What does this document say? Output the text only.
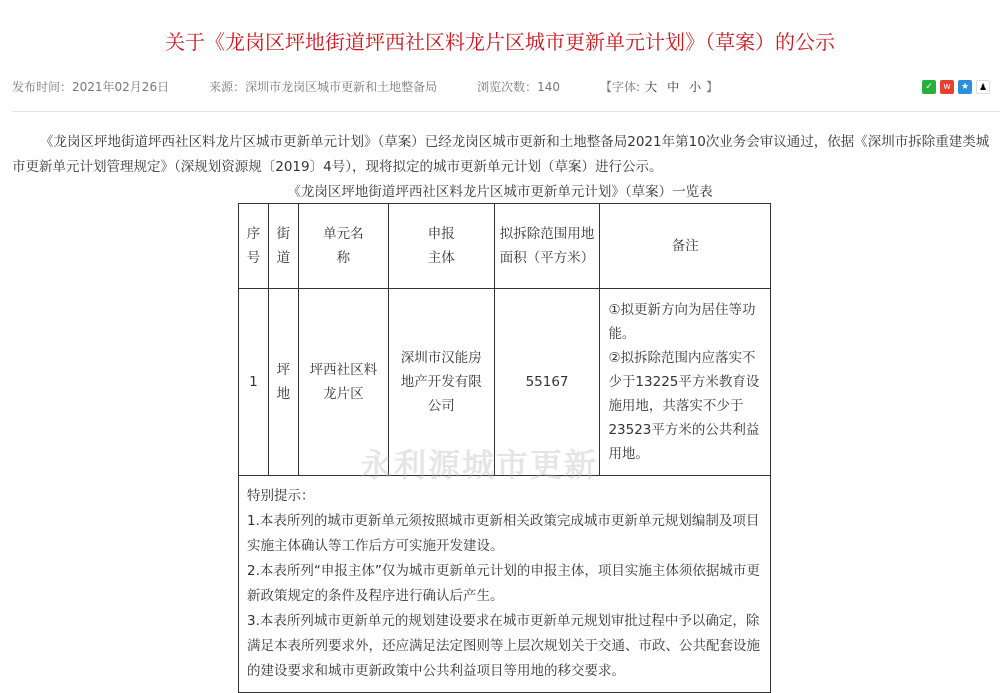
关于《龙岗区坪地街道坪西社区料龙片区城市更新单元计划》（草案）的公示
发布时间：2021年02月26日	来源：深圳市龙岗区城市更新和土地整备局	浏览次数：140	【字体: 大 中 小 】	✓	w	★	♟

《龙岗区坪地街道坪西社区料龙片区城市更新单元计划》（草案）已经龙岗区城市更新和土地整备局2021年第10次业务会审议通过，依据《深圳市拆除重建类城市更新单元计划管理规定》（深规划资源规〔2019〕4号），现将拟定的城市更新单元计划（草案）进行公示。

《龙岗区坪地街道坪西社区料龙片区城市更新单元计划》（草案）一览表
序号	街道	单元名称	申报主体	拟拆除范围用地面积（平方米）	备注
1	坪地	坪西社区料龙片区	深圳市汉能房地产开发有限公司	55167	①拟更新方向为居住等功能。
②拟拆除范围内应落实不少于13225平方米教育设施用地，共落实不少于23523平方米的公共利益用地。

特别提示：
1.本表所列的城市更新单元须按照城市更新相关政策完成城市更新单元规划编制及项目实施主体确认等工作后方可实施开发建设。
2.本表所列“申报主体”仅为城市更新单元计划的申报主体，项目实施主体须依据城市更新政策规定的条件及程序进行确认后产生。
3.本表所列城市更新单元的规划建设要求在城市更新单元规划审批过程中予以确定，除满足本表所列要求外，还应满足法定图则等上层次规划关于交通、市政、公共配套设施的建设要求和城市更新政策中公共利益项目等用地的移交要求。					
永利源城市更新
